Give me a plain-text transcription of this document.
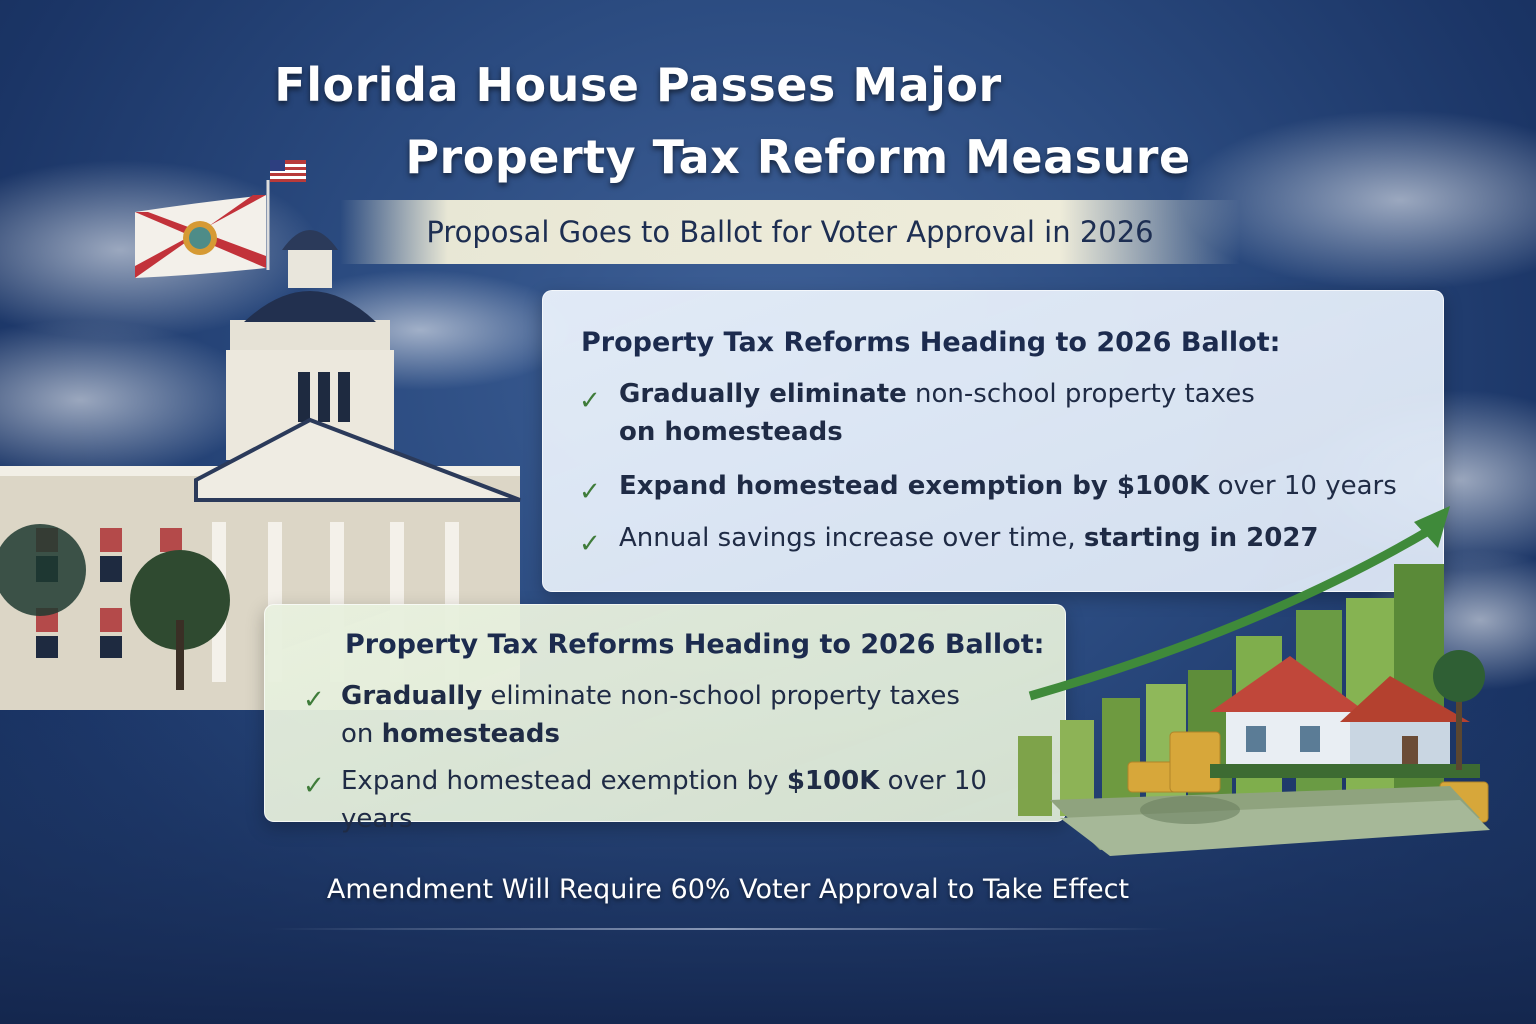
Florida House Passes Major
Property Tax Reform Measure
Proposal Goes to Ballot for Voter Approval in 2026
Property Tax Reforms Heading to 2026 Ballot:
✓ Gradually eliminate non-school property taxes
on homesteads
✓ Expand homestead exemption by $100K over 10 years
✓ Annual savings increase over time, starting in 2027
Property Tax Reforms Heading to 2026 Ballot:
✓ Gradually eliminate non-school property taxes
on homesteads
✓ Expand homestead exemption by $100K over 10 years
Amendment Will Require 60% Voter Approval to Take Effect
